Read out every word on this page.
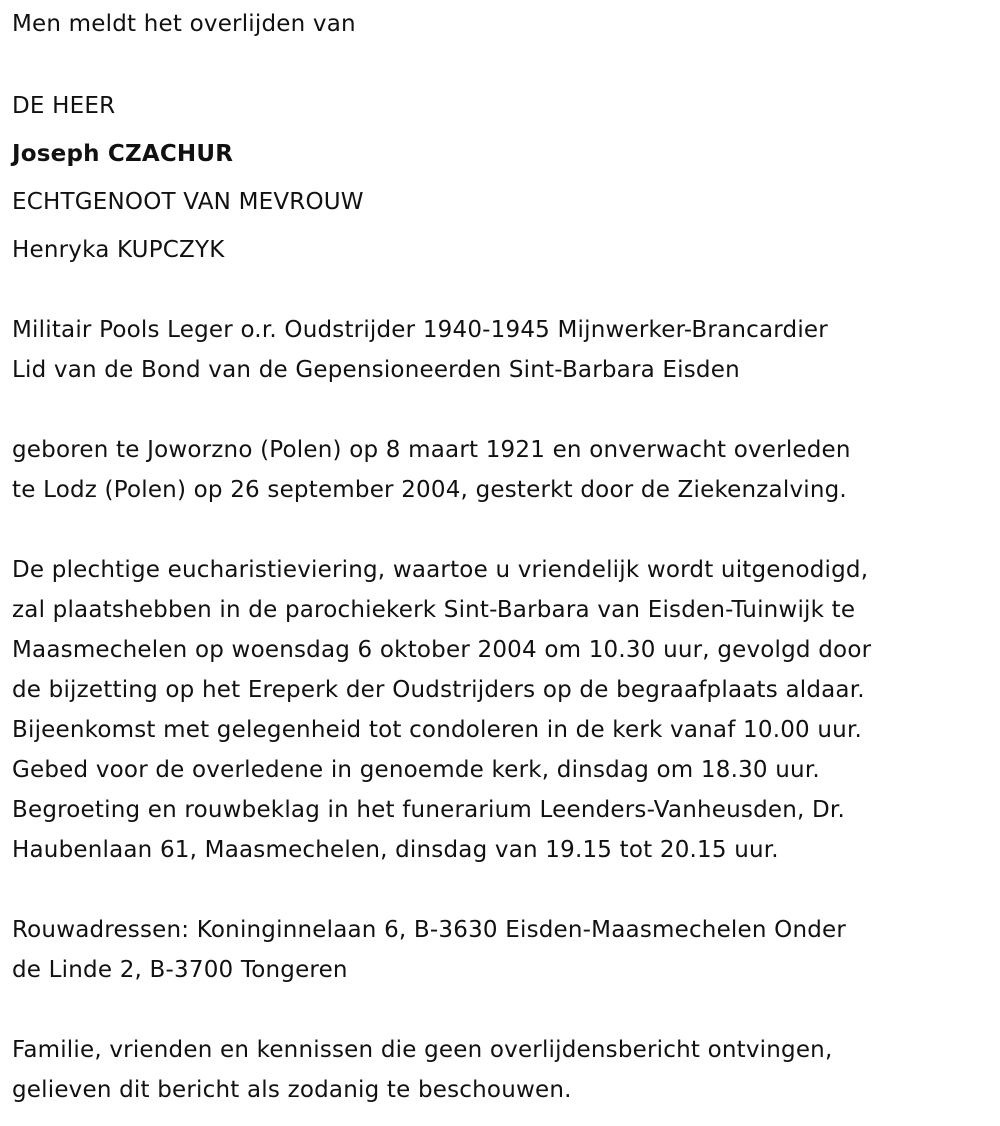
Men meldt het overlijden van
DE HEER
Joseph CZACHUR
ECHTGENOOT VAN MEVROUW
Henryka KUPCZYK
Militair Pools Leger o.r. Oudstrijder 1940-1945 Mijnwerker-Brancardier
Lid van de Bond van de Gepensioneerden Sint-Barbara Eisden
geboren te Joworzno (Polen) op 8 maart 1921 en onverwacht overleden
te Lodz (Polen) op 26 september 2004, gesterkt door de Ziekenzalving.
De plechtige eucharistieviering, waartoe u vriendelijk wordt uitgenodigd,
zal plaatshebben in de parochiekerk Sint-Barbara van Eisden-Tuinwijk te
Maasmechelen op woensdag 6 oktober 2004 om 10.30 uur, gevolgd door
de bijzetting op het Ereperk der Oudstrijders op de begraafplaats aldaar.
Bijeenkomst met gelegenheid tot condoleren in de kerk vanaf 10.00 uur.
Gebed voor de overledene in genoemde kerk, dinsdag om 18.30 uur.
Begroeting en rouwbeklag in het funerarium Leenders-Vanheusden, Dr.
Haubenlaan 61, Maasmechelen, dinsdag van 19.15 tot 20.15 uur.
Rouwadressen: Koninginnelaan 6, B-3630 Eisden-Maasmechelen Onder
de Linde 2, B-3700 Tongeren
Familie, vrienden en kennissen die geen overlijdensbericht ontvingen,
gelieven dit bericht als zodanig te beschouwen.
